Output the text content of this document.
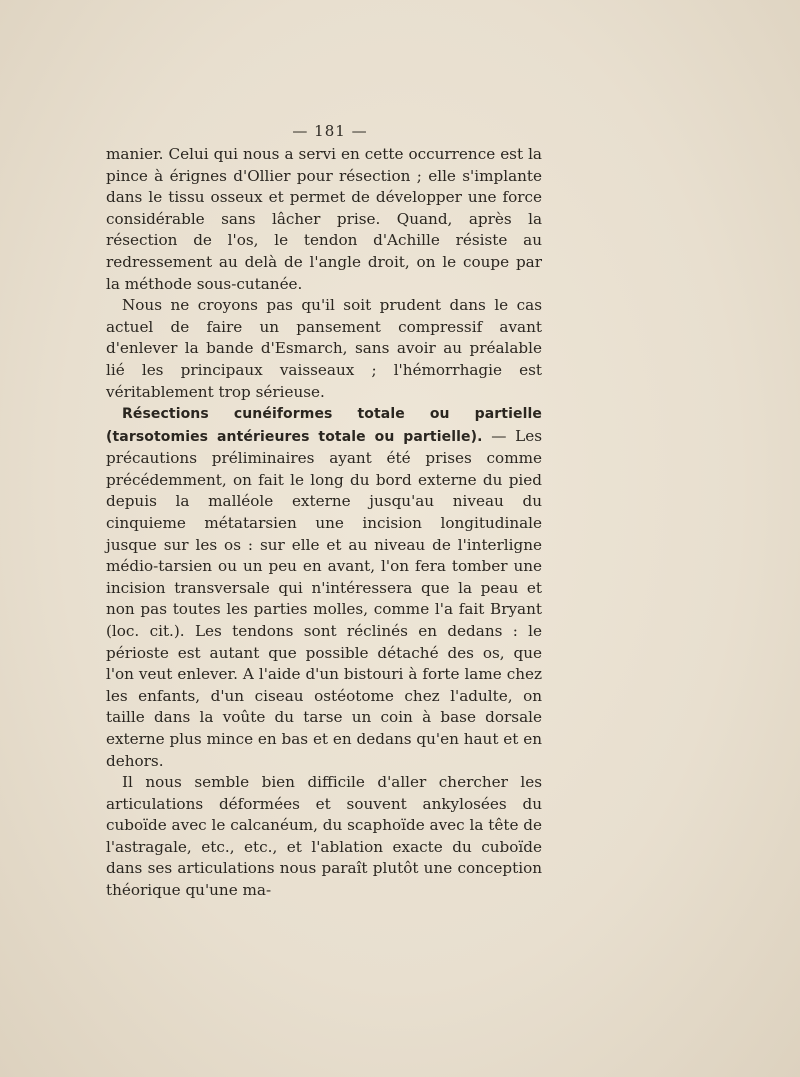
— 181 —

manier. Celui qui nous a servi en cette occurrence est la pince à érignes d'Ollier pour résection ; elle s'implante dans le tissu osseux et permet de développer une force considérable sans lâcher prise. Quand, après la résection de l'os, le tendon d'Achille résiste au redressement au delà de l'angle droit, on le coupe par la méthode sous-cutanée.

Nous ne croyons pas qu'il soit prudent dans le cas actuel de faire un pansement compressif avant d'enlever la bande d'Esmarch, sans avoir au préalable lié les principaux vaisseaux ; l'hémorrhagie est véritablement trop sérieuse.

Résections cunéiformes totale ou partielle (tarsotomies antérieures totale ou partielle). — Les précautions préliminaires ayant été prises comme précédemment, on fait le long du bord externe du pied depuis la malléole externe jusqu'au niveau du cinquieme métatarsien une incision longitudinale jusque sur les os : sur elle et au niveau de l'interligne médio-tarsien ou un peu en avant, l'on fera tomber une incision transversale qui n'intéressera que la peau et non pas toutes les parties molles, comme l'a fait Bryant (loc. cit.). Les tendons sont réclinés en dedans : le périoste est autant que possible détaché des os, que l'on veut enlever. A l'aide d'un bistouri à forte lame chez les enfants, d'un ciseau ostéotome chez l'adulte, on taille dans la voûte du tarse un coin à base dorsale externe plus mince en bas et en dedans qu'en haut et en dehors.

Il nous semble bien difficile d'aller chercher les articulations déformées et souvent ankylosées du cuboïde avec le calcanéum, du scaphoïde avec la tête de l'astragale, etc., etc., et l'ablation exacte du cuboïde dans ses articulations nous paraît plutôt une conception théorique qu'une ma-
